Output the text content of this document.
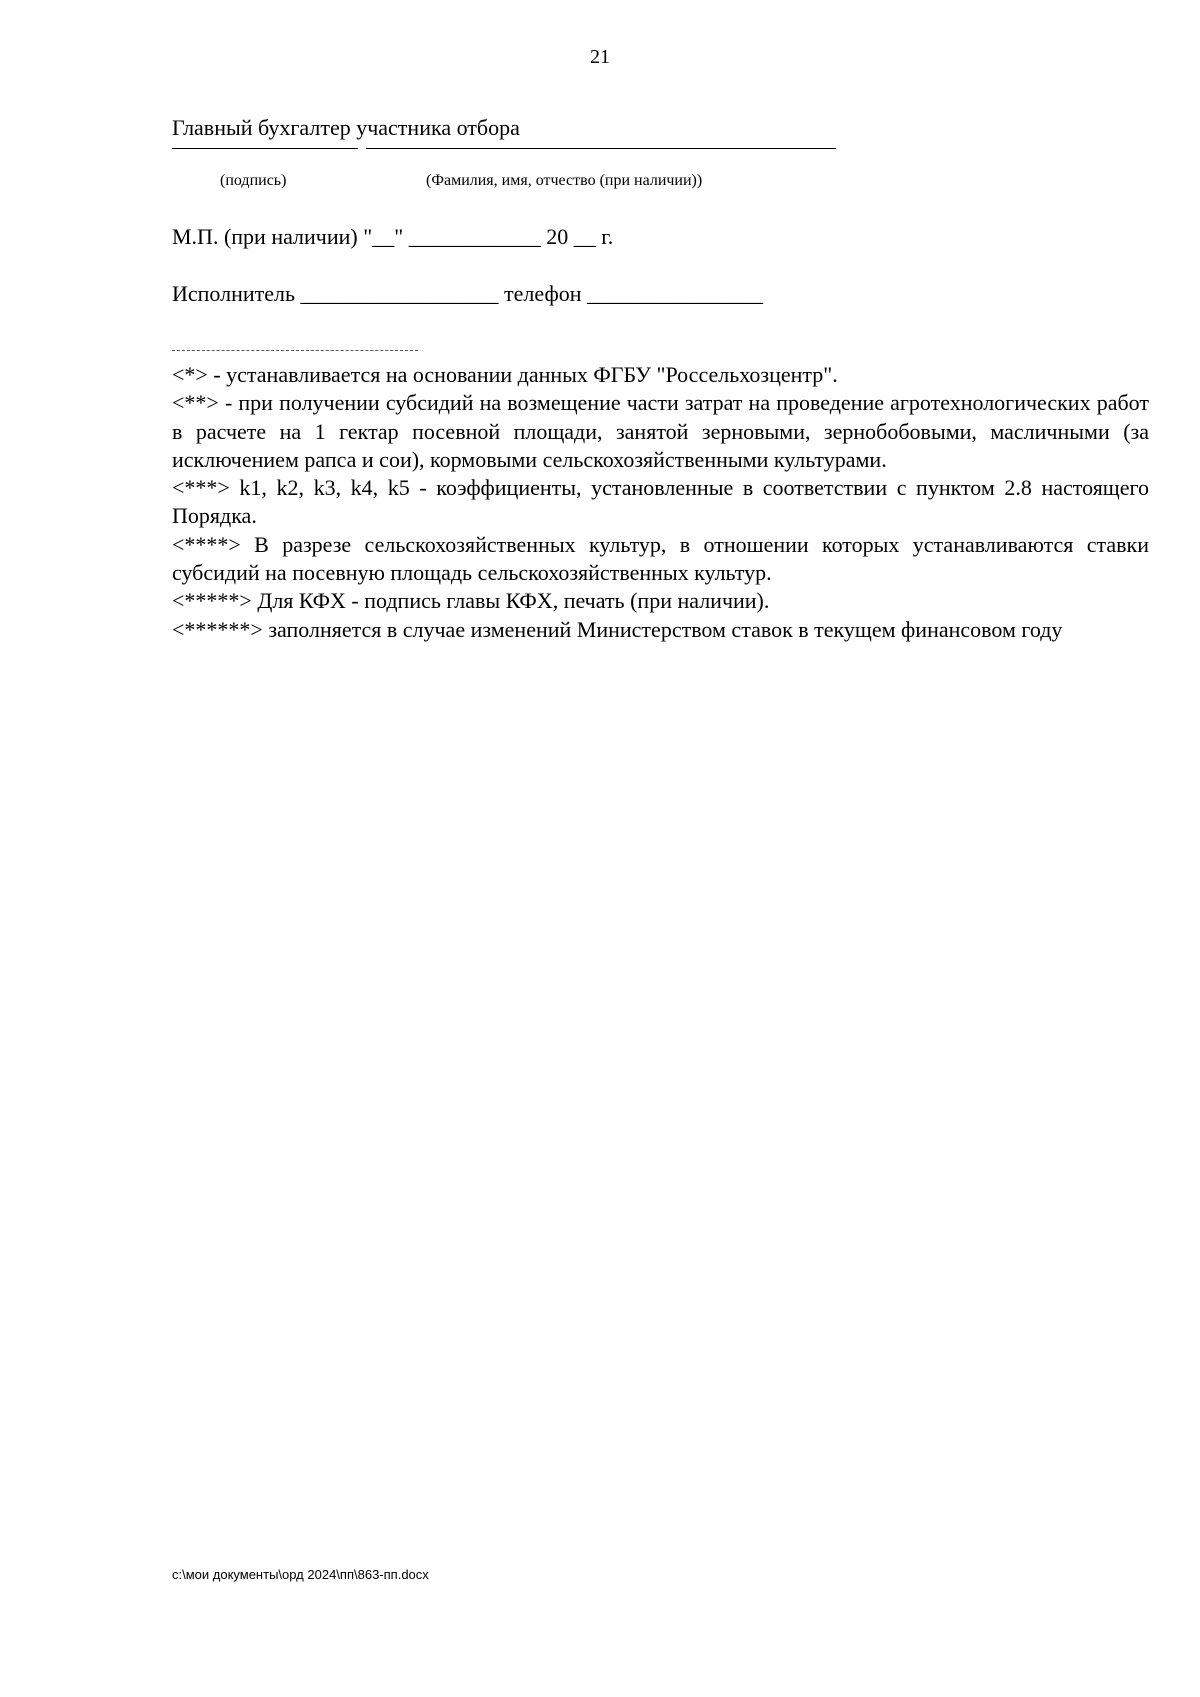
21
Главный бухгалтер участника отбора
(подпись)	(Фамилия, имя, отчество (при наличии))
М.П. (при наличии) "__" ____________ 20 __ г.
Исполнитель __________________ телефон ________________

<*> - устанавливается на основании данных ФГБУ "Россельхозцентр".

<**> - при получении субсидий на возмещение части затрат на проведение агротехнологических работ в расчете на 1 гектар посевной площади, занятой зерновыми, зернобобовыми, масличными (за исключением рапса и сои), кормовыми сельскохозяйственными культурами.

<***> k1, k2, k3, k4, k5 - коэффициенты, установленные в соответствии с пунктом 2.8 настоящего Порядка.

<****> В разрезе сельскохозяйственных культур, в отношении которых устанавливаются ставки субсидий на посевную площадь сельскохозяйственных культур.

<*****> Для КФХ - подпись главы КФХ, печать (при наличии).

<******> заполняется в случае изменений Министерством ставок в текущем финансовом году

c:\мои документы\орд 2024\пп\863-пп.docx
